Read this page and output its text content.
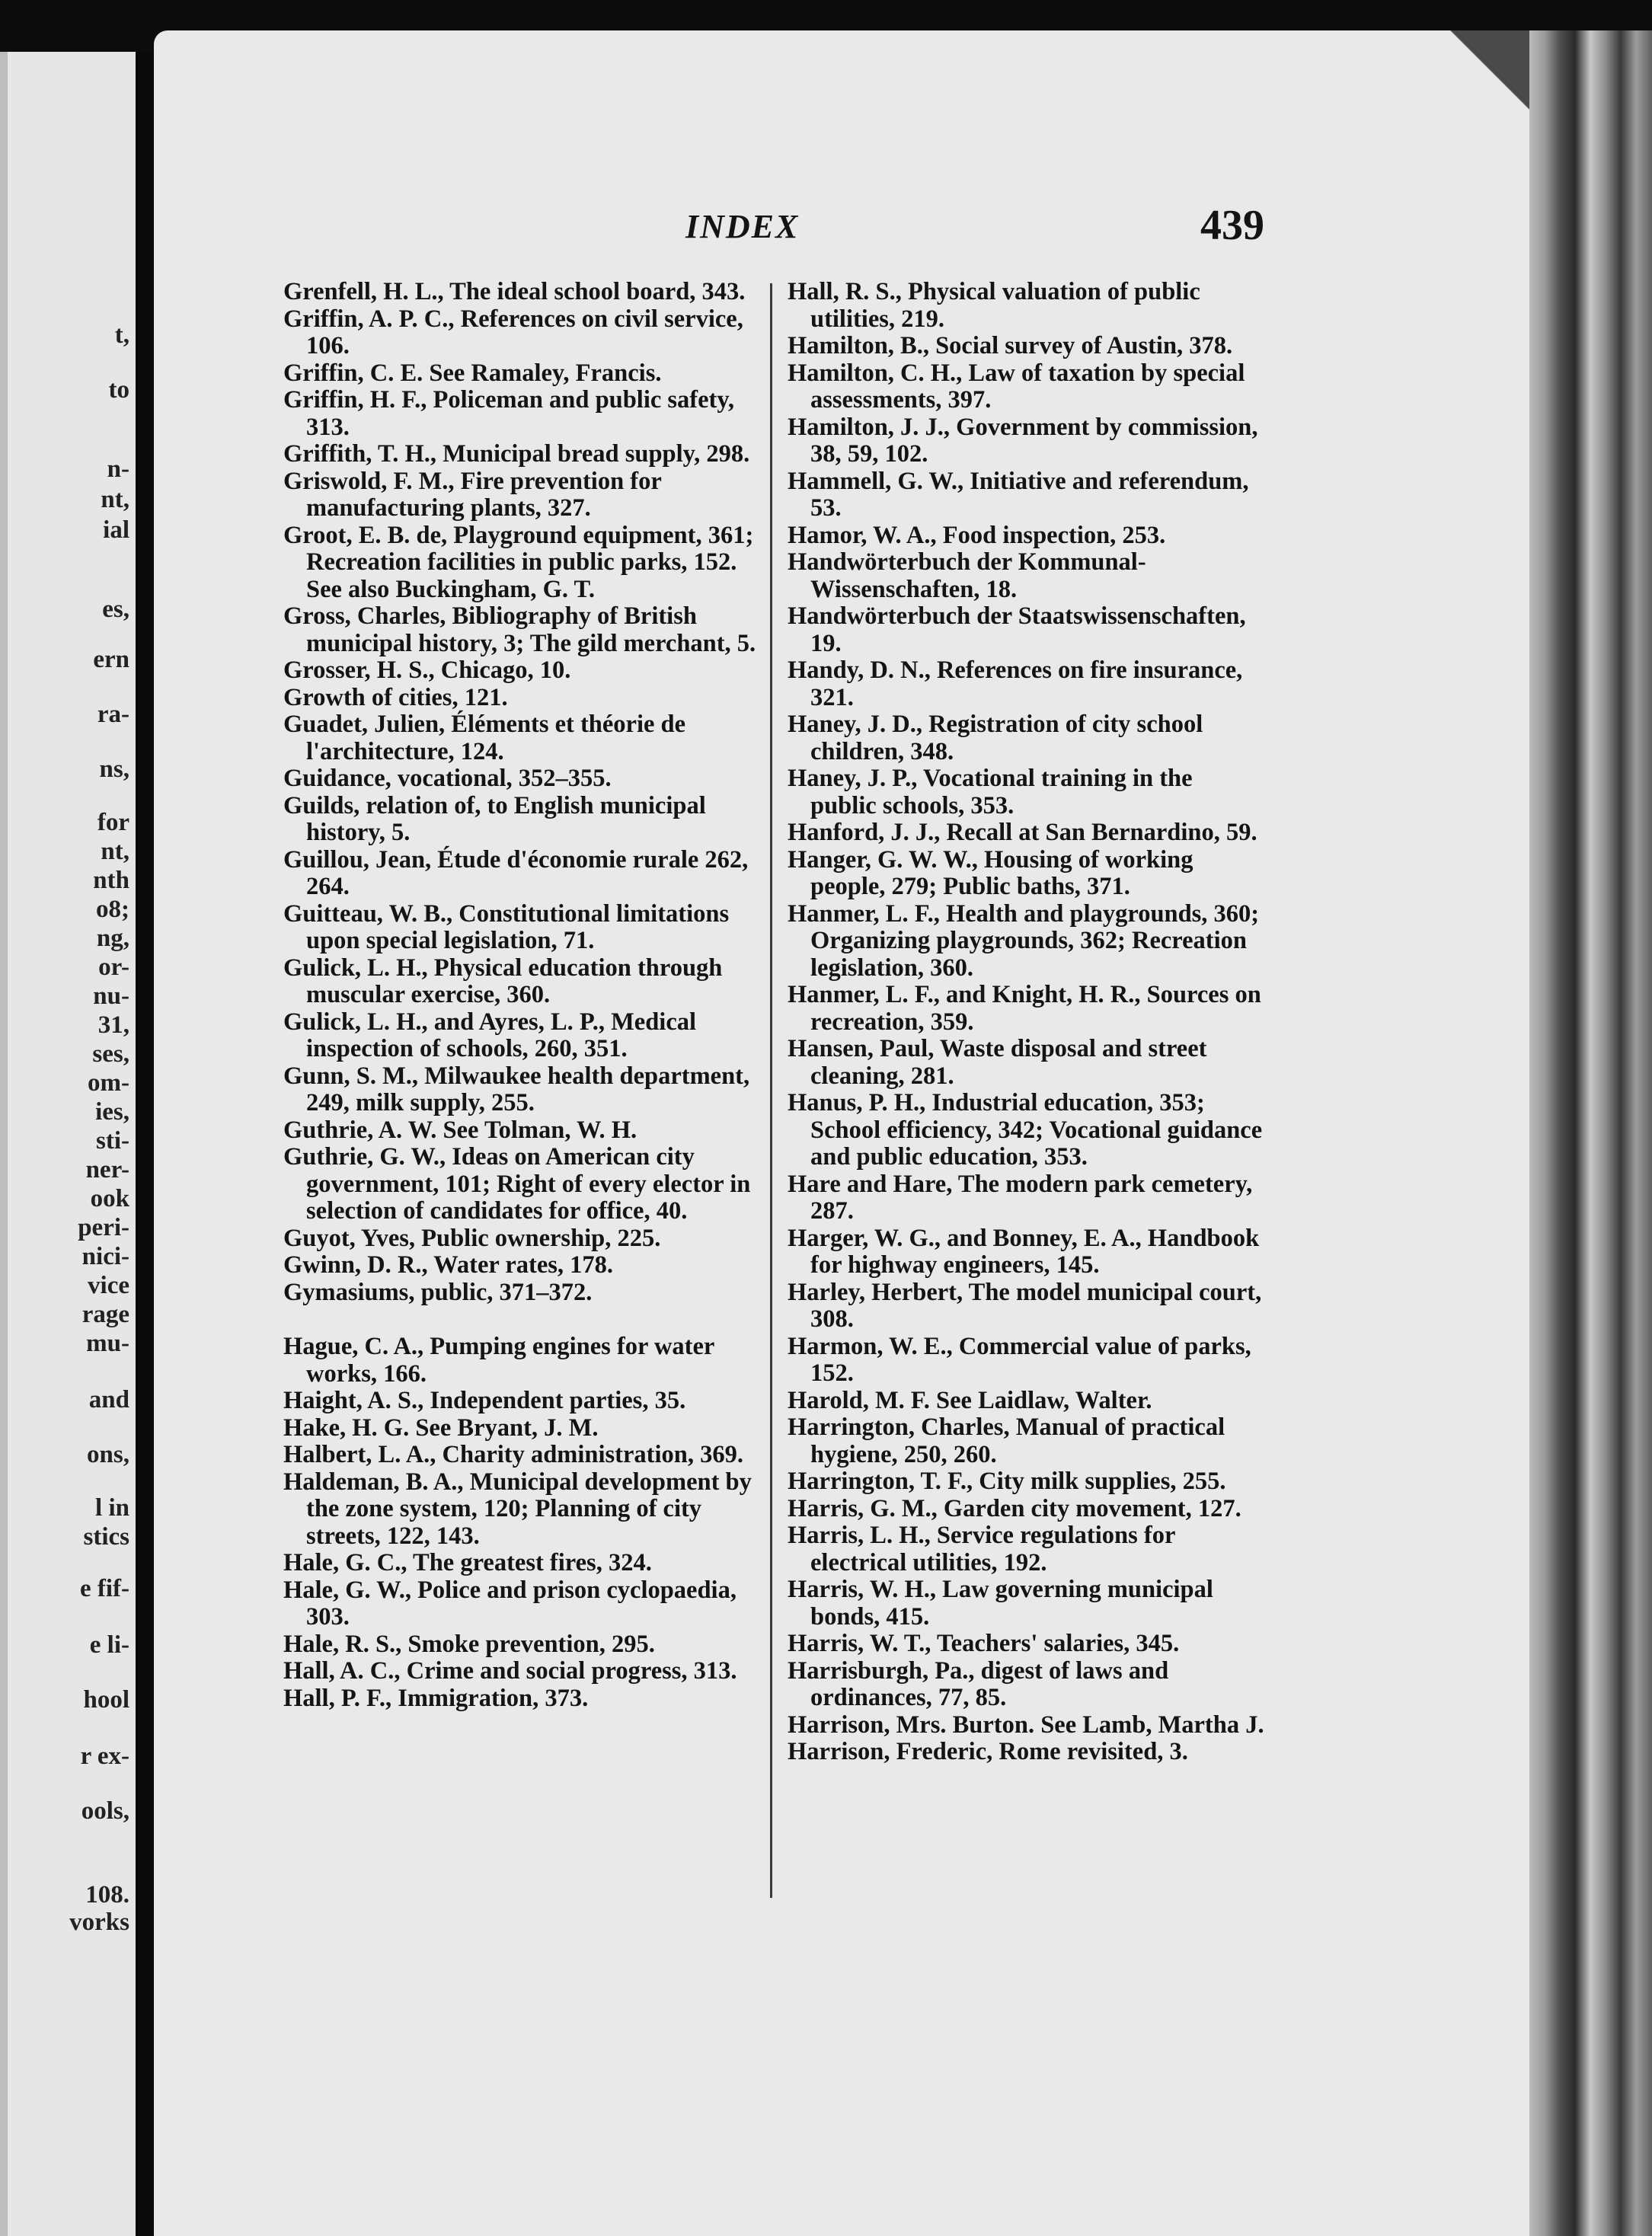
t,
to
n-
nt,
ial
es,
ern
ra-
ns,
for
nt,
nth
o8;
ng,
or-
nu-
31,
ses,
om-
ies,
sti-
ner-
ook
peri-
nici-
vice
rage
mu-
and
ons,
l in
stics
e fif-
e li-
hool
r ex-
ools,
108.
vorks
INDEX	439
Grenfell, H. L., The ideal school board, 343.
Griffin, A. P. C., References on civil service, 106.
Griffin, C. E. See Ramaley, Francis.
Griffin, H. F., Policeman and public safety, 313.
Griffith, T. H., Municipal bread supply, 298.
Griswold, F. M., Fire prevention for manufacturing plants, 327.
Groot, E. B. de, Playground equipment, 361; Recreation facilities in public parks, 152. See also Buckingham, G. T.
Gross, Charles, Bibliography of British municipal history, 3; The gild merchant, 5.
Grosser, H. S., Chicago, 10.
Growth of cities, 121.
Guadet, Julien, Éléments et théorie de l'architecture, 124.
Guidance, vocational, 352–355.
Guilds, relation of, to English municipal history, 5.
Guillou, Jean, Étude d'économie rurale 262, 264.
Guitteau, W. B., Constitutional limitations upon special legislation, 71.
Gulick, L. H., Physical education through muscular exercise, 360.
Gulick, L. H., and Ayres, L. P., Medical inspection of schools, 260, 351.
Gunn, S. M., Milwaukee health department, 249, milk supply, 255.
Guthrie, A. W. See Tolman, W. H.
Guthrie, G. W., Ideas on American city government, 101; Right of every elector in selection of candidates for office, 40.
Guyot, Yves, Public ownership, 225.
Gwinn, D. R., Water rates, 178.
Gymasiums, public, 371–372.
Hague, C. A., Pumping engines for water works, 166.
Haight, A. S., Independent parties, 35.
Hake, H. G. See Bryant, J. M.
Halbert, L. A., Charity administration, 369.
Haldeman, B. A., Municipal development by the zone system, 120; Planning of city streets, 122, 143.
Hale, G. C., The greatest fires, 324.
Hale, G. W., Police and prison cyclopaedia, 303.
Hale, R. S., Smoke prevention, 295.
Hall, A. C., Crime and social progress, 313.
Hall, P. F., Immigration, 373.
Hall, R. S., Physical valuation of public utilities, 219.
Hamilton, B., Social survey of Austin, 378.
Hamilton, C. H., Law of taxation by special assessments, 397.
Hamilton, J. J., Government by commission, 38, 59, 102.
Hammell, G. W., Initiative and referendum, 53.
Hamor, W. A., Food inspection, 253.
Handwörterbuch der Kommunal-Wissenschaften, 18.
Handwörterbuch der Staatswissenschaften, 19.
Handy, D. N., References on fire insurance, 321.
Haney, J. D., Registration of city school children, 348.
Haney, J. P., Vocational training in the public schools, 353.
Hanford, J. J., Recall at San Bernardino, 59.
Hanger, G. W. W., Housing of working people, 279; Public baths, 371.
Hanmer, L. F., Health and playgrounds, 360; Organizing playgrounds, 362; Recreation legislation, 360.
Hanmer, L. F., and Knight, H. R., Sources on recreation, 359.
Hansen, Paul, Waste disposal and street cleaning, 281.
Hanus, P. H., Industrial education, 353; School efficiency, 342; Vocational guidance and public education, 353.
Hare and Hare, The modern park cemetery, 287.
Harger, W. G., and Bonney, E. A., Handbook for highway engineers, 145.
Harley, Herbert, The model municipal court, 308.
Harmon, W. E., Commercial value of parks, 152.
Harold, M. F. See Laidlaw, Walter.
Harrington, Charles, Manual of practical hygiene, 250, 260.
Harrington, T. F., City milk supplies, 255.
Harris, G. M., Garden city movement, 127.
Harris, L. H., Service regulations for electrical utilities, 192.
Harris, W. H., Law governing municipal bonds, 415.
Harris, W. T., Teachers' salaries, 345.
Harrisburgh, Pa., digest of laws and ordinances, 77, 85.
Harrison, Mrs. Burton. See Lamb, Martha J.
Harrison, Frederic, Rome revisited, 3.
